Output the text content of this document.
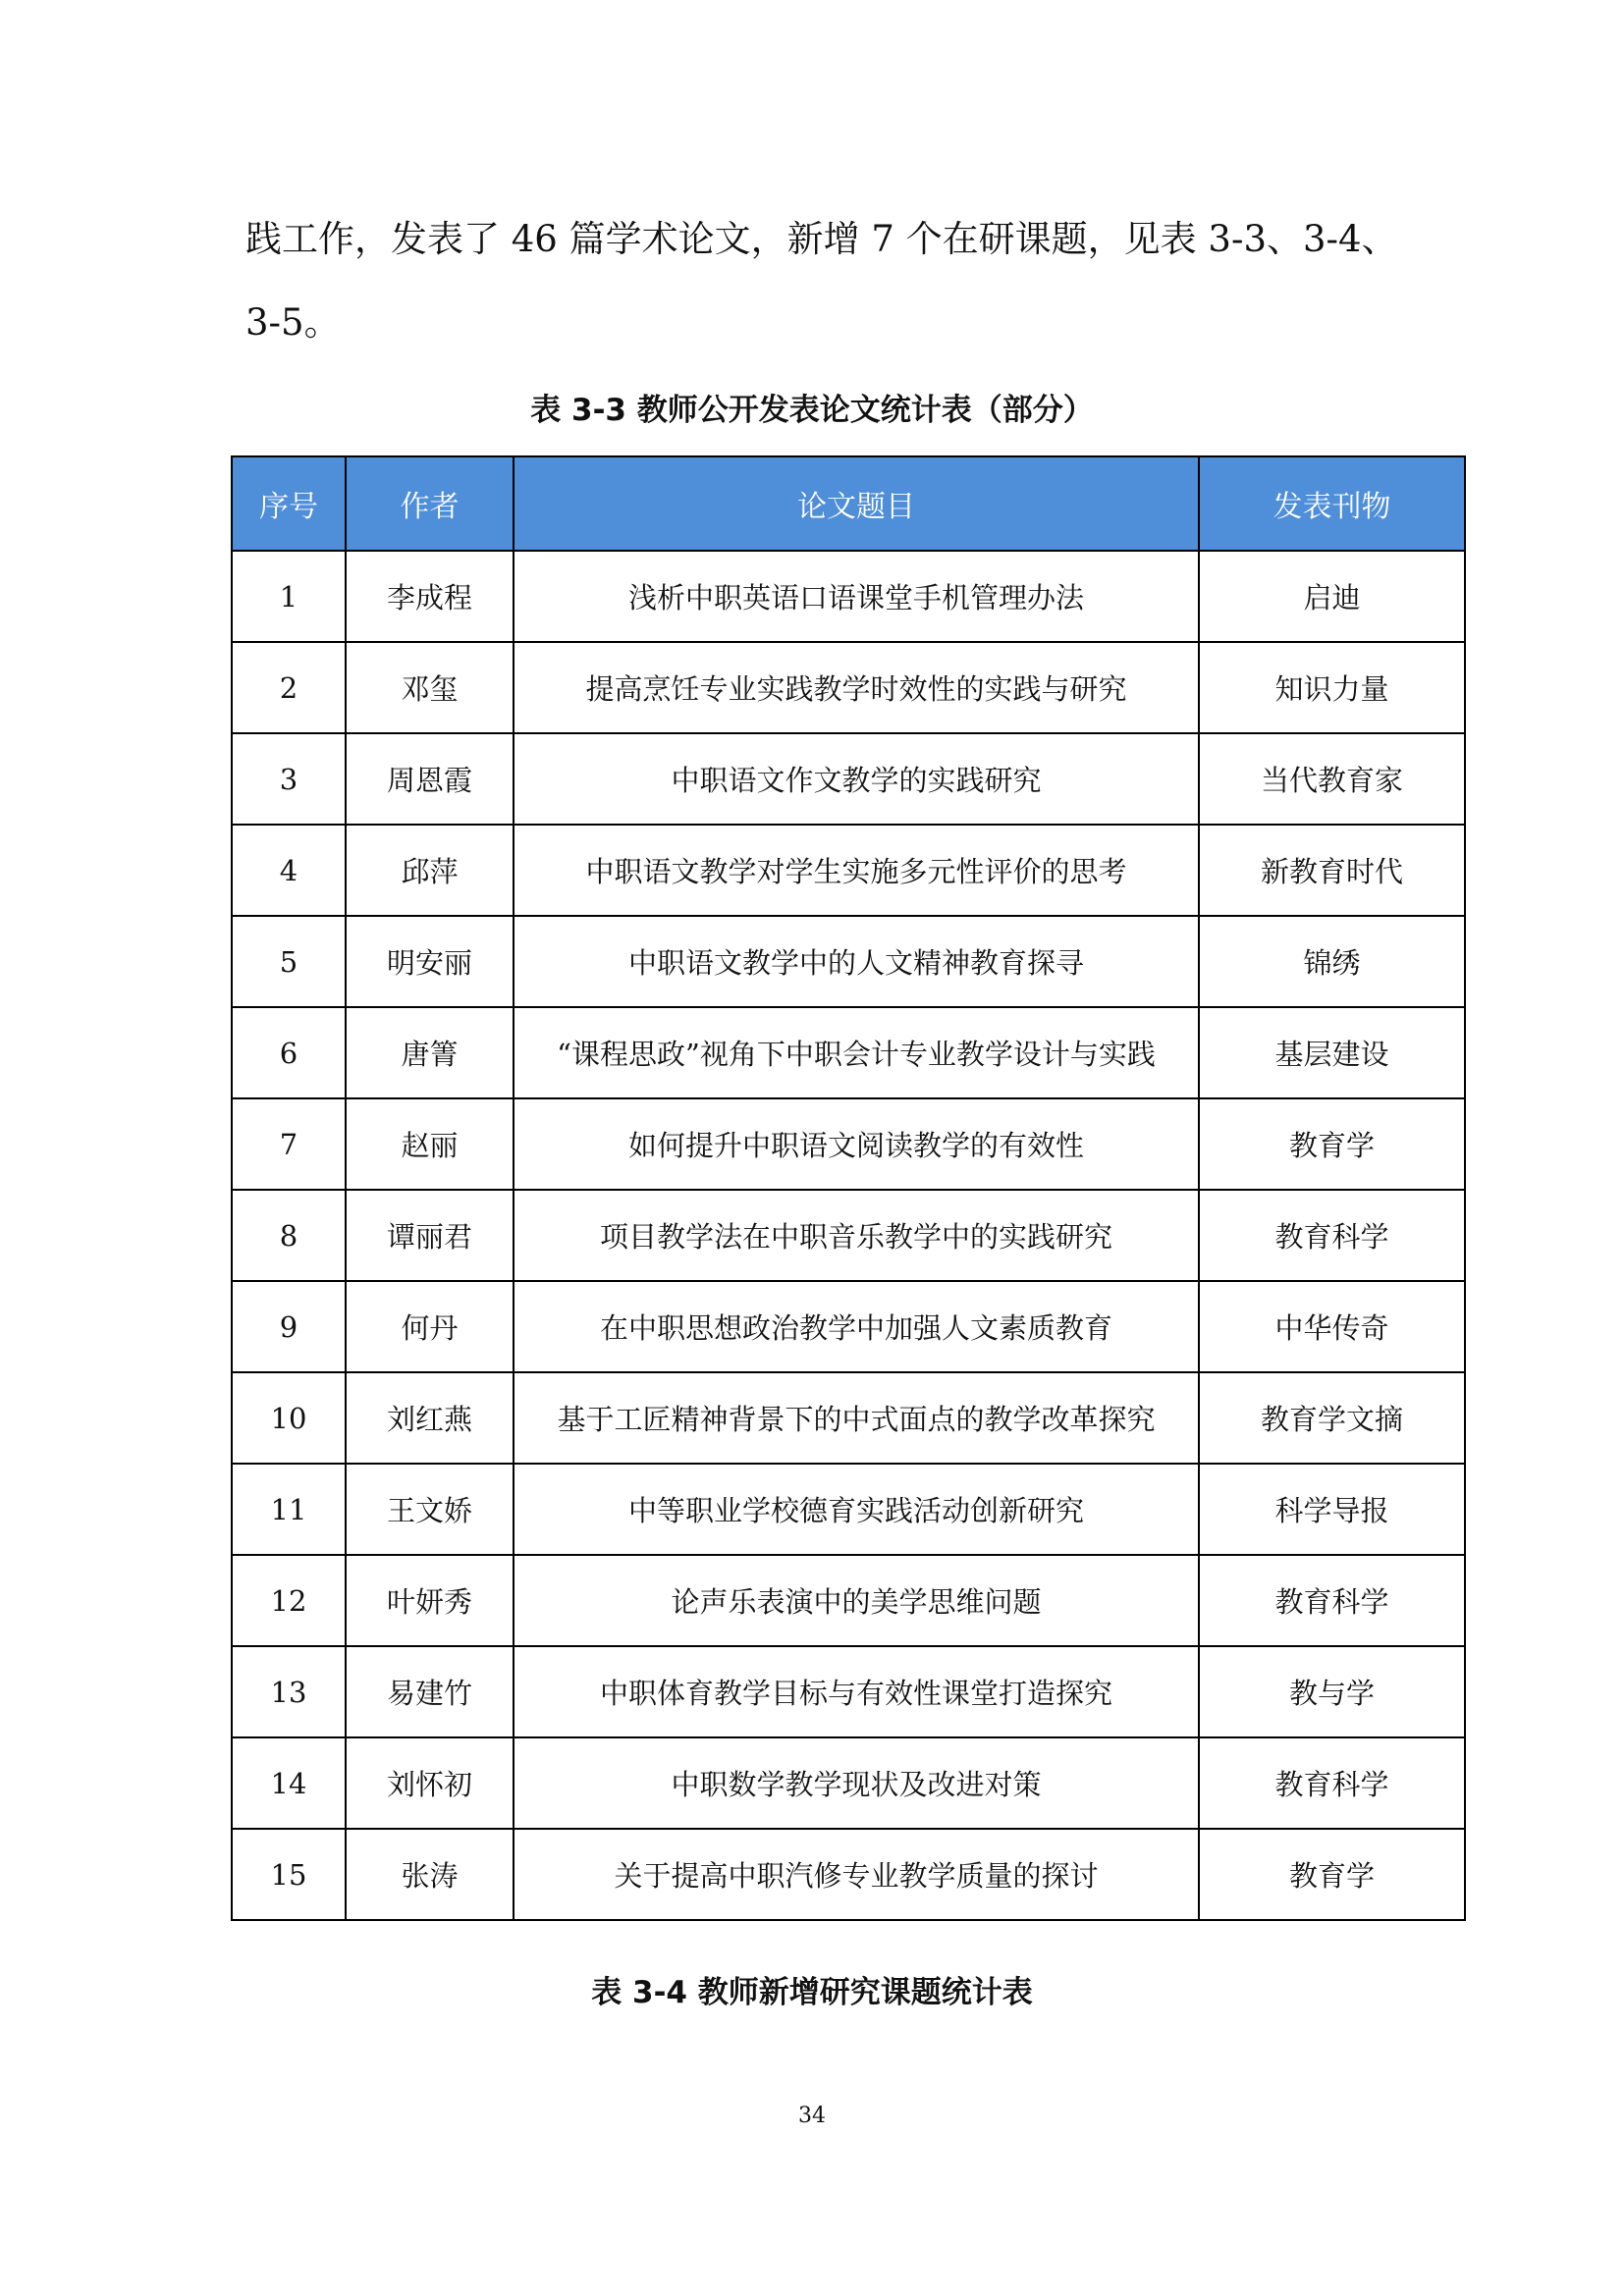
践工作，发表了 46 篇学术论文，新增 7 个在研课题，见表 3-3、3-4、
3-5。
表 3-3 教师公开发表论文统计表（部分）
序号	作者	论文题目	发表刊物
1	李成程	浅析中职英语口语课堂手机管理办法	启迪
2	邓玺	提高烹饪专业实践教学时效性的实践与研究	知识力量
3	周恩霞	中职语文作文教学的实践研究	当代教育家
4	邱萍	中职语文教学对学生实施多元性评价的思考	新教育时代
5	明安丽	中职语文教学中的人文精神教育探寻	锦绣
6	唐箐	“课程思政”视角下中职会计专业教学设计与实践	基层建设
7	赵丽	如何提升中职语文阅读教学的有效性	教育学
8	谭丽君	项目教学法在中职音乐教学中的实践研究	教育科学
9	何丹	在中职思想政治教学中加强人文素质教育	中华传奇
10	刘红燕	基于工匠精神背景下的中式面点的教学改革探究	教育学文摘
11	王文娇	中等职业学校德育实践活动创新研究	科学导报
12	叶妍秀	论声乐表演中的美学思维问题	教育科学
13	易建竹	中职体育教学目标与有效性课堂打造探究	教与学
14	刘怀初	中职数学教学现状及改进对策	教育科学
15	张涛	关于提高中职汽修专业教学质量的探讨	教育学
表 3-4 教师新增研究课题统计表
34
